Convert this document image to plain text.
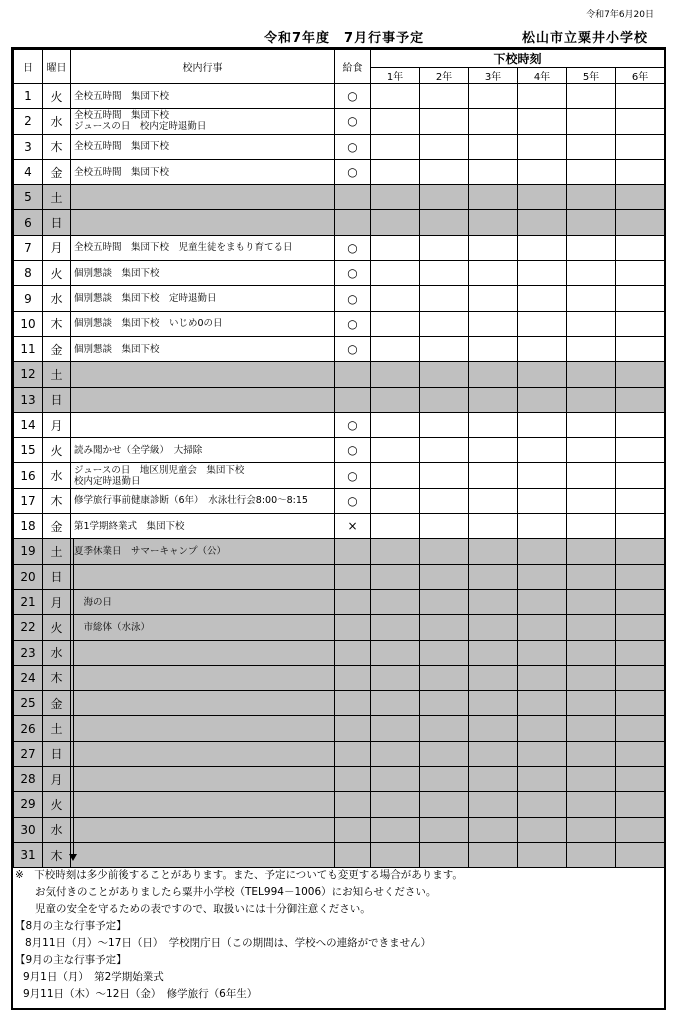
令和7年6月20日
令和7年度　7月行事予定	松山市立粟井小学校
日	曜日	校内行事	給食	下校時刻					
				1年	2年	3年	4年	5年	6年
1	火	全校五時間　集団下校	○						
2	水	全校五時間　集団下校
ジュースの日　校内定時退勤日	○						
3	木	全校五時間　集団下校	○						
4	金	全校五時間　集団下校	○						
5	土	

6	日	

7	月	全校五時間　集団下校　児童生徒をまもり育てる日	○						
8	火	個別懇談　集団下校	○						
9	水	個別懇談　集団下校　定時退勤日	○						
10	木	個別懇談　集団下校　いじめ0の日	○						
11	金	個別懇談　集団下校	○						
12	土	

13	日	

14	月		○						
15	火	読み聞かせ（全学級）　大掃除	○						
16	水	ジュースの日　地区別児童会　集団下校
校内定時退勤日	○						
17	木	修学旅行事前健康診断（6年）　水泳壮行会8:00～8:15	○						
18	金	第1学期終業式　集団下校	×						
19	土	夏季休業日　サマーキャンプ（公）							

20	日	

21	月	　海の日							

22	火	　市総体（水泳）							

23	水	

24	木	

25	金	

26	土	

27	日	

28	月	

29	火	

30	水	

31	木	

※　下校時刻は多少前後することがあります。また、予定についても変更する場合があります。

お気付きのことがありましたら粟井小学校（TEL994－1006）にお知らせください。

児童の安全を守るための表ですので、取扱いには十分御注意ください。

【8月の主な行事予定】

8月11日（月）～17日（日）　学校閉庁日（この期間は、学校への連絡ができません）

【9月の主な行事予定】

9月1日（月）　第2学期始業式

9月11日（木）～12日（金）　修学旅行（6年生）
